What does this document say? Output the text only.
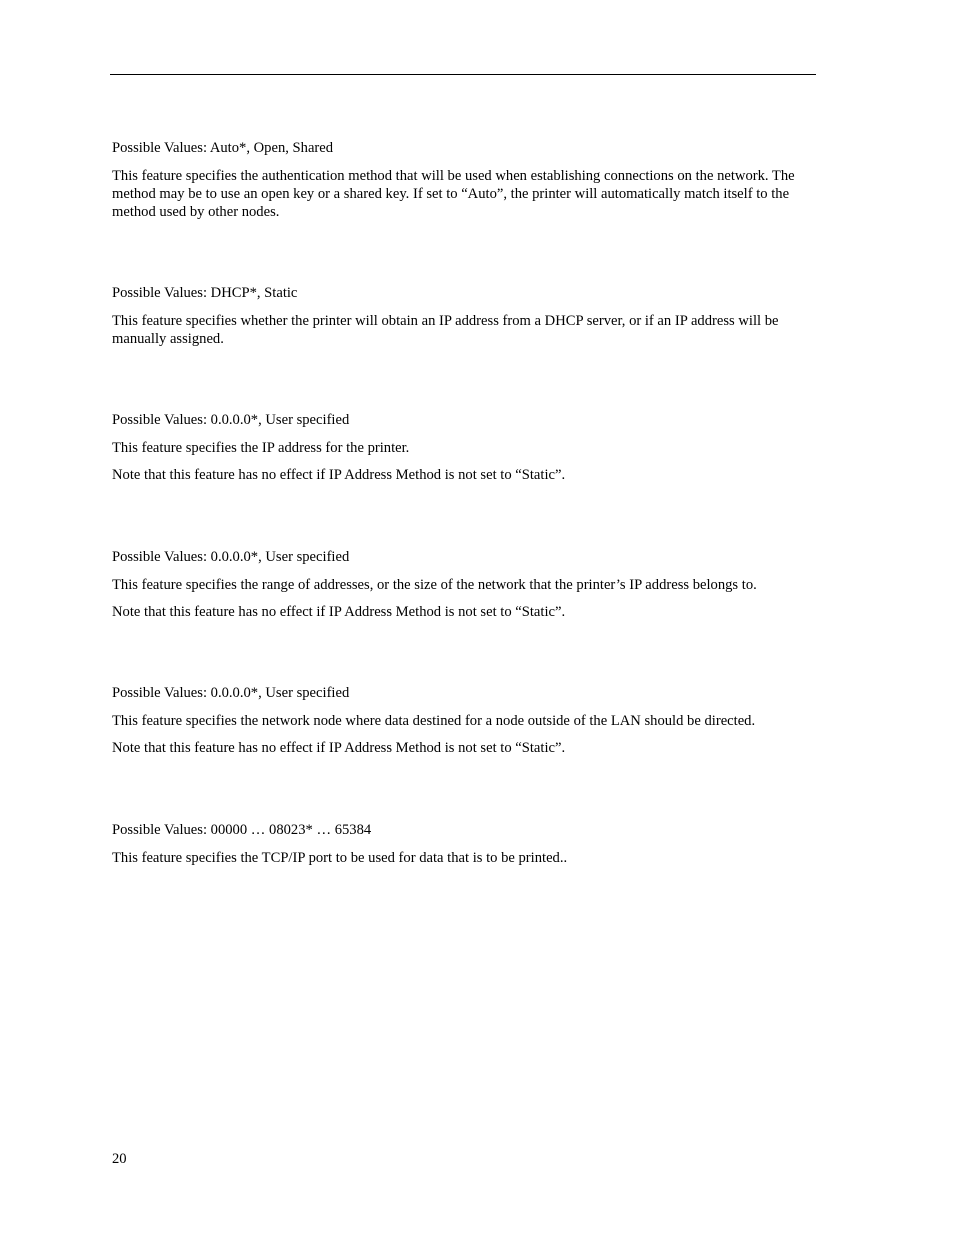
Possible Values: Auto*, Open, Shared

This feature specifies the authentication method that will be used when establishing connections on the network. The method may be to use an open key or a shared key. If set to “Auto”, the printer will automatically match itself to the method used by other nodes.

Possible Values: DHCP*, Static

This feature specifies whether the printer will obtain an IP address from a DHCP server, or if an IP address will be manually assigned.

Possible Values: 0.0.0.0*, User specified

This feature specifies the IP address for the printer.

Note that this feature has no effect if IP Address Method is not set to “Static”.

Possible Values: 0.0.0.0*, User specified

This feature specifies the range of addresses, or the size of the network that the printer’s IP address belongs to.

Note that this feature has no effect if IP Address Method is not set to “Static”.

Possible Values: 0.0.0.0*, User specified

This feature specifies the network node where data destined for a node outside of the LAN should be directed.

Note that this feature has no effect if IP Address Method is not set to “Static”.

Possible Values: 00000 … 08023* … 65384

This feature specifies the TCP/IP port to be used for data that is to be printed..

20
